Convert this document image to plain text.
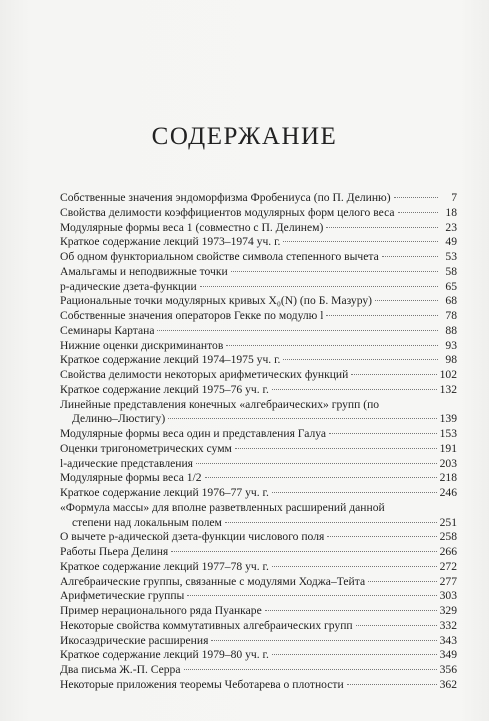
СОДЕРЖАНИЕ
Собственные значения эндоморфизма Фробениуса (по П. Делиню)	7
Свойства делимости коэффициентов модулярных форм целого веса	18
Модулярные формы веса 1 (совместно с П. Делинем)	23
Краткое содержание лекций 1973–1974 уч. г.	49
Об одном функториальном свойстве символа степенного вычета	53
Амальгамы и неподвижные точки	58
p-адические дзета-функции	65
Рациональные точки модулярных кривых X₀(N) (по Б. Мазуру)	68
Собственные значения операторов Гекке по модулю l	78
Семинары Картана	88
Нижние оценки дискриминантов	93
Краткое содержание лекций 1974–1975 уч. г.	98
Свойства делимости некоторых арифметических функций	102
Краткое содержание лекций 1975–76 уч. г.	132
Линейные представления конечных «алгебраических» групп (по
Делиню–Люстигу)	139
Модулярные формы веса один и представления Галуа	153
Оценки тригонометрических сумм	191
l-адические представления	203
Модулярные формы веса 1/2	218
Краткое содержание лекций 1976–77 уч. г.	246
«Формула массы» для вполне разветвленных расширений данной
степени над локальным полем	251
О вычете p-адической дзета-функции числового поля	258
Работы Пьера Делиня	266
Краткое содержание лекций 1977–78 уч. г.	272
Алгебраические группы, связанные с модулями Ходжа–Тейта	277
Арифметические группы	303
Пример нерационального ряда Пуанкаре	329
Некоторые свойства коммутативных алгебраических групп	332
Икосаэдрические расширения	343
Краткое содержание лекций 1979–80 уч. г.	349
Два письма Ж.-П. Серра	356
Некоторые приложения теоремы Чеботарева о плотности	362
